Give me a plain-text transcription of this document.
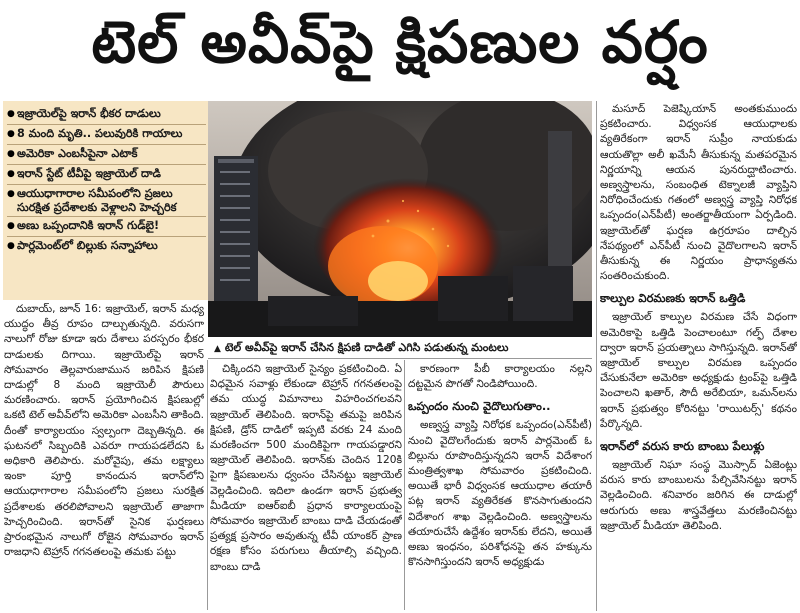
టెల్ అవీవ్‌పై క్షిపణుల వర్షం
● ఇజ్రాయెల్‌పై ఇరాన్ భీకర దాడులు
● 8 మంది మృతి.. పలువురికి గాయాలు
● అమెరికా ఎంబసీపైనా ఎటాక్
● ఇరాన్ స్టేట్ టీవీపై ఇజ్రాయెల్ దాడి
● ఆయుధాగారాల సమీపంలోని ప్రజలు సురక్షిత ప్రదేశాలకు వెళ్లాలని హెచ్చరిక
● అణు ఒప్పందానికి ఇరాన్ గుడ్‌బై!
● పార్లమెంట్‌లో బిల్లుకు సన్నాహాలు
▲ టెల్ అవీవ్‌పై ఇరాన్ చేసిన క్షిపణి దాడితో ఎగిసి పడుతున్న మంటలు

దుబాయ్, జూన్ 16: ఇజ్రాయెల్, ఇరాన్ మధ్య యుద్ధం తీవ్ర రూపం దాల్చుతున్నది. వరుసగా నాలుగో రోజు కూడా ఇరు దేశాలు పరస్పరం భీకర దాడులకు దిగాయి. ఇజ్రాయెల్‌పై ఇరాన్ సోమవారం తెల్లవారుజామున జరిపిన క్షిపణి దాడుల్లో 8 మంది ఇజ్రాయెలీ పౌరులు మరణించారు. ఇరాన్ ప్రయోగించిన క్షిపణుల్లో ఒకటి టెల్ అవీవ్‌లోని అమెరికా ఎంబసీని తాకింది. దీంతో కార్యాలయం స్వల్పంగా దెబ్బతిన్నది. ఈ ఘటనలో సిబ్బందికి ఎవరూ గాయపడలేదని ఓ అధికారి తెలిపారు. మరోవైపు, తమ లక్ష్యాలు ఇంకా పూర్తి కానందున ఇరాన్‌లోని ఆయుధాగారాల సమీపంలోని ప్రజలు సురక్షిత ప్రదేశాలకు తరలిపోవాలని ఇజ్రాయెల్ తాజాగా హెచ్చరించింది. ఇరాన్‌తో సైనిక ఘర్షణలు ప్రారంభమైన నాలుగో రోజైన సోమవారం ఇరాన్ రాజధాని టెహ్రాన్ గగనతలంపై తమకు పట్టు

చిక్కిందని ఇజ్రాయెల్ సైన్యం ప్రకటించింది. ఏ విధమైన సవాళ్లు లేకుండా టెహ్రాన్ గగనతలంపై తమ యుద్ధ విమానాలు విహరించగలవని ఇజ్రాయెల్ తెలిపింది. ఇరాన్‌పై తమపై జరిపిన క్షిపణి, డ్రోన్ దాడిలో ఇప్పటి వరకు 24 మంది మరణించగా 500 మందికిపైగా గాయపడ్డారని ఇజ్రాయెల్ తెలిపింది. ఇరాన్‌కు చెందిన 120కి పైగా క్షిపణులను ధ్వంసం చేసినట్టు ఇజ్రాయెల్ వెల్లడించింది. ఇదిలా ఉండగా ఇరాన్ ప్రభుత్వ మీడియా ఐఆర్ఐబీ ప్రధాన కార్యాలయంపై సోమవారం ఇజ్రాయెల్ బాంబు దాడి చేయడంతో ప్రత్యక్ష ప్రసారం అవుతున్న టీవీ యాంకర్ ప్రాణ రక్షణ కోసం పరుగులు తీయాల్సి వచ్చింది. బాంబు దాడి

కారణంగా పీబీ కార్యాలయం నల్లని దట్టమైన పొగతో నిండిపోయింది.

ఒప్పందం నుంచి వైదొలుగుతాం..

అణ్వస్త్ర వ్యాప్తి నిరోధక ఒప్పందం(ఎన్‌పీటీ) నుంచి వైదొలగేందుకు ఇరాన్ పార్లమెంట్ ఓ బిల్లును రూపొందిస్తున్నదని ఇరాన్ విదేశాంగ మంత్రిత్వశాఖ సోమవారం ప్రకటించింది. అయితే భారీ విధ్వంసక ఆయుధాల తయారీ పట్ల ఇరాన్ వ్యతిరేకత కొనసాగుతుందని విదేశాంగ శాఖ వెల్లడించింది. అణ్వస్త్రాలను తయారుచేసే ఉద్దేశం ఇరాన్‌కు లేదని, అయితే అణు ఇంధనం, పరిశోధనపై తన హక్కును కొనసాగిస్తుందని ఇరాన్ అధ్యక్షుడు

మసూద్ పెజెష్కియాన్ అంతకుముందు ప్రకటించారు. విధ్వంసక ఆయుధాలకు వ్యతిరేకంగా ఇరాన్ సుప్రీం నాయకుడు ఆయతొల్లా అలీ ఖమేనీ తీసుకున్న మతపరమైన నిర్ణయాన్ని ఆయన పునరుద్ఘాటించారు. అణ్వస్త్రాలను, సంబంధిత టెక్నాలజీ వ్యాప్తిని నిరోధించేందుకు గతంలో అణ్వస్త్ర వ్యాప్తి నిరోధక ఒప్పందం(ఎన్‌పీటీ) అంతర్జాతీయంగా ఏర్పడింది. ఇజ్రాయెల్‌తో ఘర్షణ ఉగ్రరూపం దాల్చిన నేపథ్యంలో ఎన్‌పీటీ నుంచి వైదొలగాలని ఇరాన్ తీసుకున్న ఈ నిర్ణయం ప్రాధాన్యతను సంతరించుకుంది.

కాల్పుల విరమణకు ఇరాన్ ఒత్తిడి

ఇజ్రాయెల్ కాల్పుల విరమణ చేసే విధంగా అమెరికాపై ఒత్తిడి పెంచాలంటూ గల్ఫ్ దేశాల ద్వారా ఇరాన్ ప్రయత్నాలు సాగిస్తున్నది. ఇరాన్‌తో ఇజ్రాయెల్ కాల్పుల విరమణ ఒప్పందం చేసుకునేలా అమెరికా అధ్యక్షుడు ట్రంప్‌పై ఒత్తిడి పెంచాలని ఖతార్, సౌదీ అరేబియా, ఒమన్‌లను ఇరాన్ ప్రభుత్వం కోరినట్టు 'రాయిటర్స్' కథనం పేర్కొన్నది.

ఇరాన్‌లో వరుస కారు బాంబు పేలుళ్లు

ఇజ్రాయెల్ నిఘా సంస్థ మొస్సాద్ ఏజెంట్లు వరుస కారు బాంబులను పేల్చివేసినట్టు ఇరాన్ వెల్లడించింది. శనివారం జరిగిన ఈ దాడుల్లో ఆరుగురు అణు శాస్త్రవేత్తలు మరణించినట్టు ఇజ్రాయెల్ మీడియా తెలిపింది.
